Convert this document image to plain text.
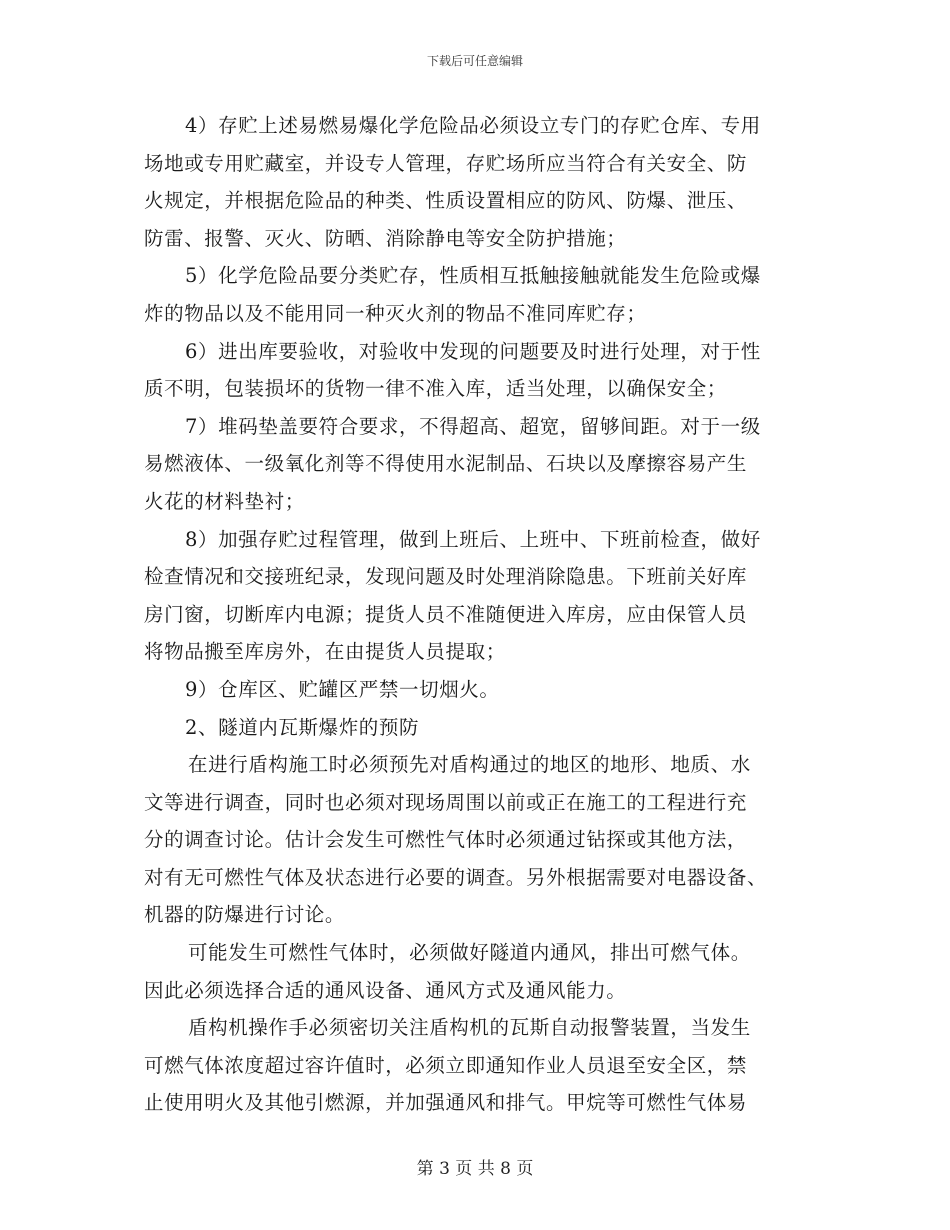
下载后可任意编辑
4）存贮上述易燃易爆化学危险品必须设立专门的存贮仓库、专用
场地或专用贮藏室，并设专人管理，存贮场所应当符合有关安全、防
火规定，并根据危险品的种类、性质设置相应的防风、防爆、泄压、
防雷、报警、灭火、防晒、消除静电等安全防护措施；
5）化学危险品要分类贮存，性质相互抵触接触就能发生危险或爆
炸的物品以及不能用同一种灭火剂的物品不准同库贮存；
6）进出库要验收，对验收中发现的问题要及时进行处理，对于性
质不明，包装损坏的货物一律不准入库，适当处理，以确保安全；
7）堆码垫盖要符合要求，不得超高、超宽，留够间距。对于一级
易燃液体、一级氧化剂等不得使用水泥制品、石块以及摩擦容易产生
火花的材料垫衬；
8）加强存贮过程管理，做到上班后、上班中、下班前检查，做好
检查情况和交接班纪录，发现问题及时处理消除隐患。下班前关好库
房门窗，切断库内电源；提货人员不准随便进入库房，应由保管人员
将物品搬至库房外，在由提货人员提取；
9）仓库区、贮罐区严禁一切烟火。
2、隧道内瓦斯爆炸的预防
在进行盾构施工时必须预先对盾构通过的地区的地形、地质、水
文等进行调查，同时也必须对现场周围以前或正在施工的工程进行充
分的调查讨论。估计会发生可燃性气体时必须通过钻探或其他方法，
对有无可燃性气体及状态进行必要的调查。另外根据需要对电器设备、
机器的防爆进行讨论。
可能发生可燃性气体时，必须做好隧道内通风，排出可燃气体。
因此必须选择合适的通风设备、通风方式及通风能力。
盾构机操作手必须密切关注盾构机的瓦斯自动报警装置，当发生
可燃气体浓度超过容许值时，必须立即通知作业人员退至安全区，禁
止使用明火及其他引燃源，并加强通风和排气。甲烷等可燃性气体易
第 3 页 共 8 页
